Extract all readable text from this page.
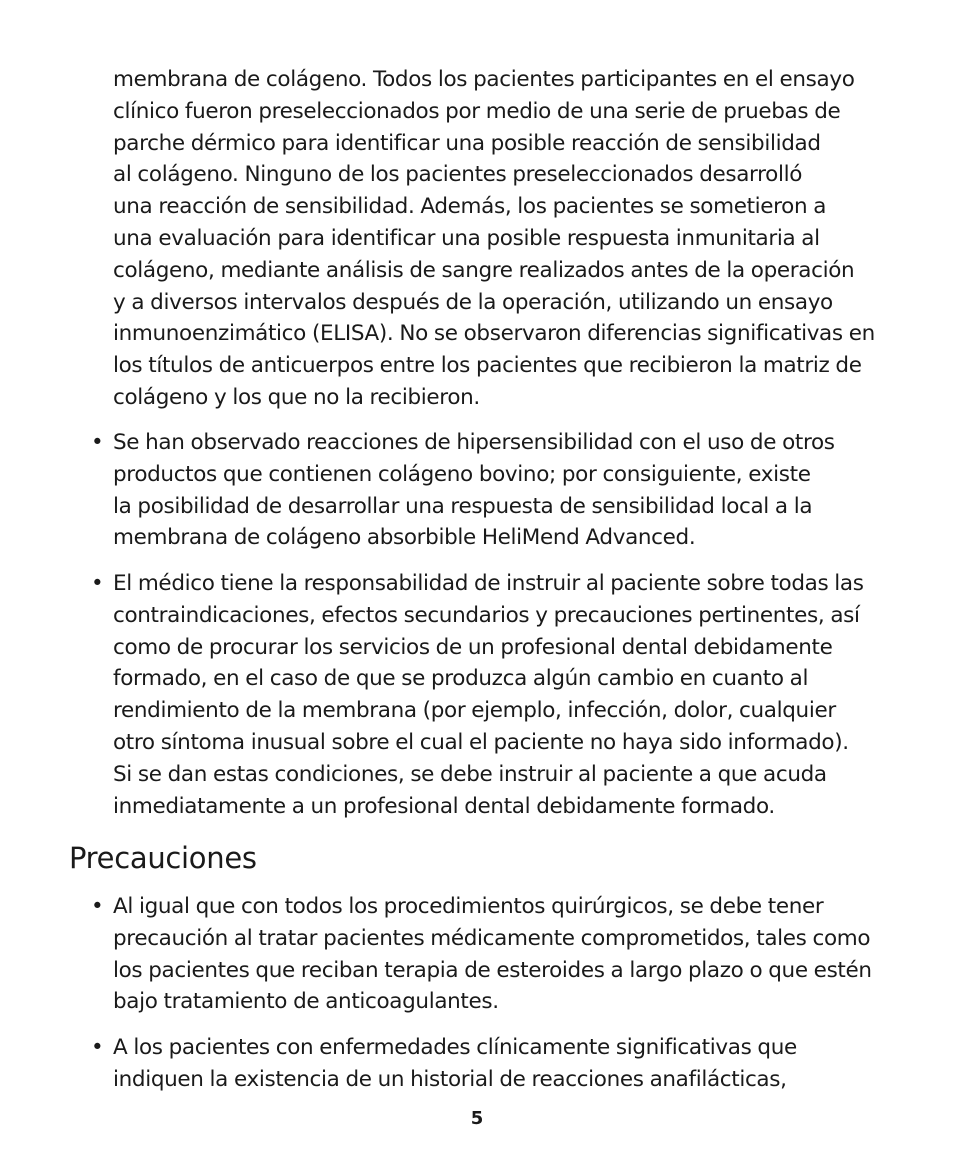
membrana de colágeno. Todos los pacientes participantes en el ensayo
clínico fueron preseleccionados por medio de una serie de pruebas de
parche dérmico para identificar una posible reacción de sensibilidad
al colágeno. Ninguno de los pacientes preseleccionados desarrolló
una reacción de sensibilidad. Además, los pacientes se sometieron a
una evaluación para identificar una posible respuesta inmunitaria al
colágeno, mediante análisis de sangre realizados antes de la operación
y a diversos intervalos después de la operación, utilizando un ensayo
inmunoenzimático (ELISA). No se observaron diferencias significativas en
los títulos de anticuerpos entre los pacientes que recibieron la matriz de
colágeno y los que no la recibieron.
• Se han observado reacciones de hipersensibilidad con el uso de otros
productos que contienen colágeno bovino; por consiguiente, existe
la posibilidad de desarrollar una respuesta de sensibilidad local a la
membrana de colágeno absorbible HeliMend Advanced.
• El médico tiene la responsabilidad de instruir al paciente sobre todas las
contraindicaciones, efectos secundarios y precauciones pertinentes, así
como de procurar los servicios de un profesional dental debidamente
formado, en el caso de que se produzca algún cambio en cuanto al
rendimiento de la membrana (por ejemplo, infección, dolor, cualquier
otro síntoma inusual sobre el cual el paciente no haya sido informado).
Si se dan estas condiciones, se debe instruir al paciente a que acuda
inmediatamente a un profesional dental debidamente formado.
Precauciones
• Al igual que con todos los procedimientos quirúrgicos, se debe tener
precaución al tratar pacientes médicamente comprometidos, tales como
los pacientes que reciban terapia de esteroides a largo plazo o que estén
bajo tratamiento de anticoagulantes.
• A los pacientes con enfermedades clínicamente significativas que
indiquen la existencia de un historial de reacciones anafilácticas,
5
